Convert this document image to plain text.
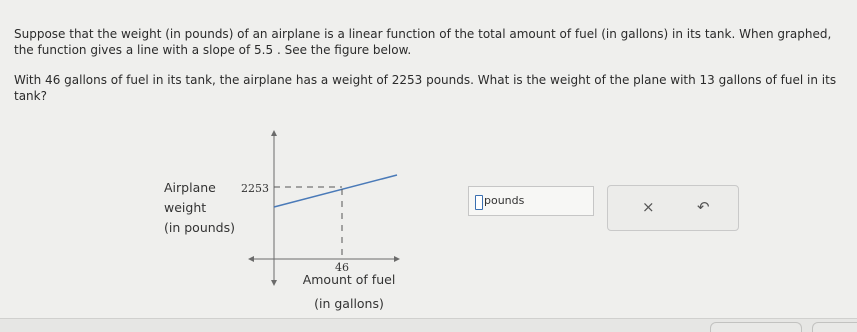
Suppose that the weight (in pounds) of an airplane is a linear function of the total amount of fuel (in gallons) in its tank. When graphed, the function gives a line with a slope of 5.5 . See the figure below.

With 46 gallons of fuel in its tank, the airplane has a weight of 2253 pounds. What is the weight of the plane with 13 gallons of fuel in its tank?

Airplane
weight
(in pounds)
2253
46
Amount of fuel
(in gallons)
pounds	×	↶
